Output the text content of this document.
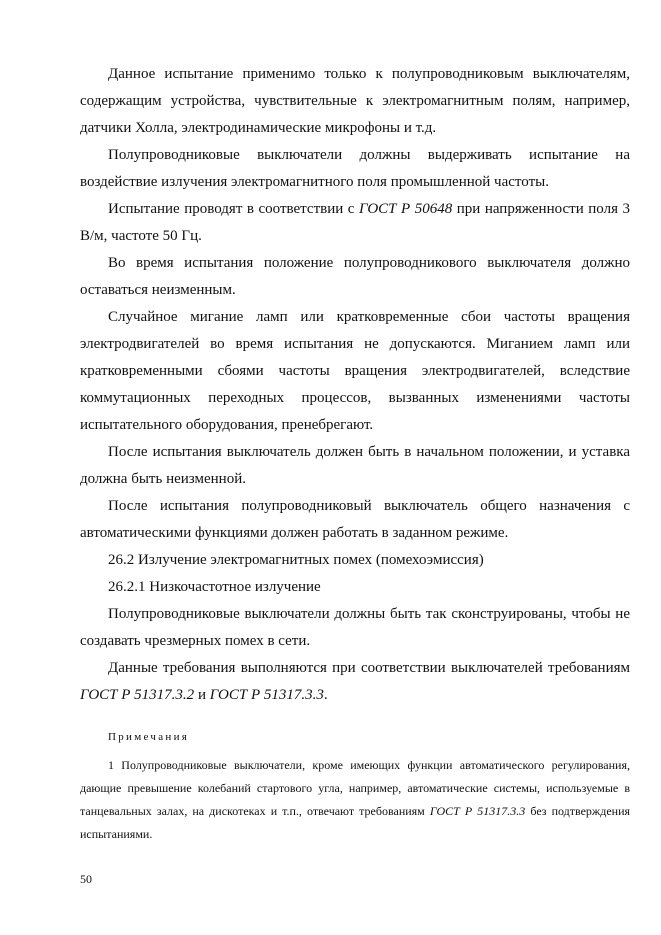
Данное испытание применимо только к полупроводниковым выключателям, содержащим устройства, чувствительные к электромагнитным полям, например, датчики Холла, электродинамические микрофоны и т.д.

Полупроводниковые выключатели должны выдерживать испытание на воздействие излучения электромагнитного поля промышленной частоты.

Испытание проводят в соответствии с ГОСТ Р 50648 при напряженности поля 3 В/м, частоте 50 Гц.

Во время испытания положение полупроводникового выключателя должно оставаться неизменным.

Случайное мигание ламп или кратковременные сбои частоты вращения электродвигателей во время испытания не допускаются. Миганием ламп или кратковременными сбоями частоты вращения электродвигателей, вследствие коммутационных переходных процессов, вызванных изменениями частоты испытательного оборудования, пренебрегают.

После испытания выключатель должен быть в начальном положении, и уставка должна быть неизменной.

После испытания полупроводниковый выключатель общего назначения с автоматическими функциями должен работать в заданном режиме.

26.2 Излучение электромагнитных помех (помехоэмиссия)

26.2.1 Низкочастотное излучение

Полупроводниковые выключатели должны быть так сконструированы, чтобы не создавать чрезмерных помех в сети.

Данные требования выполняются при соответствии выключателей требованиям ГОСТ Р 51317.3.2 и ГОСТ Р 51317.3.3.

Примечания

1 Полупроводниковые выключатели, кроме имеющих функции автоматического регулирования, дающие превышение колебаний стартового угла, например, автоматические системы, используемые в танцевальных залах, на дискотеках и т.п., отвечают требованиям ГОСТ Р 51317.3.3 без подтверждения испытаниями.

50
